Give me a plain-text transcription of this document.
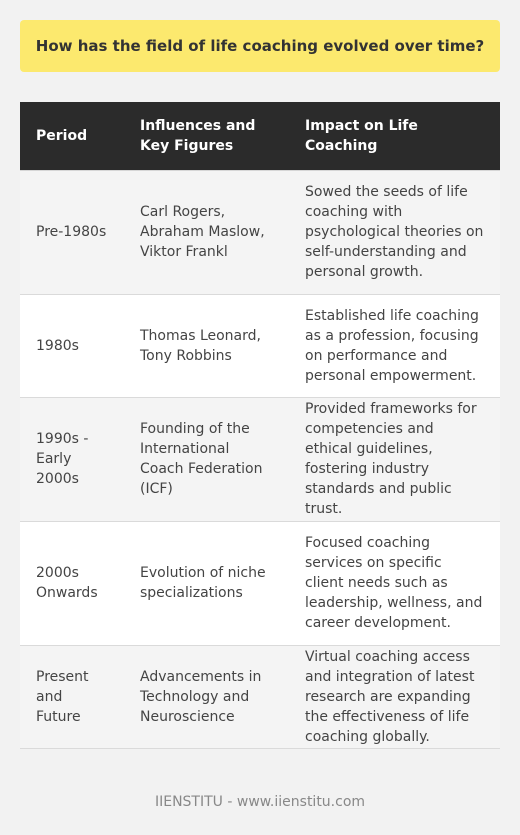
How has the field of life coaching evolved over time?
Period	Influences and Key Figures	Impact on Life Coaching
Pre-1980s	Carl Rogers, Abraham Maslow, Viktor Frankl	Sowed the seeds of life coaching with psychological theories on self-understanding and personal growth.
1980s	Thomas Leonard, Tony Robbins	Established life coaching as a profession, focusing on performance and personal empowerment.
1990s - Early 2000s	Founding of the International Coach Federation (ICF)	Provided frameworks for competencies and ethical guidelines, fostering industry standards and public trust.
2000s Onwards	Evolution of niche specializations	Focused coaching services on specific client needs such as leadership, wellness, and career development.
Present and Future	Advancements in Technology and Neuroscience	Virtual coaching access and integration of latest research are expanding the effectiveness of life coaching globally.
IIENSTITU - www.iienstitu.com
